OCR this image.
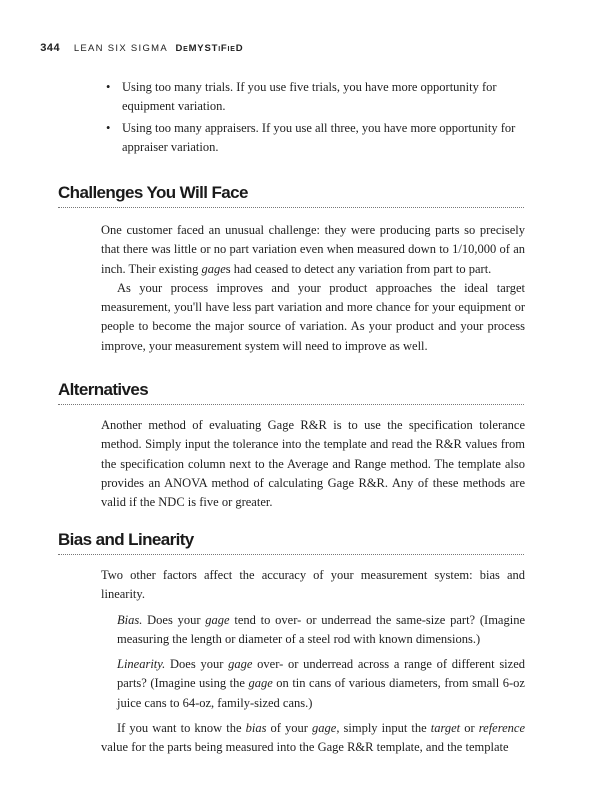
344 LEAN SIX SIGMA DeMYSTiFieD
• Using too many trials. If you use five trials, you have more opportunity for equipment variation.
• Using too many appraisers. If you use all three, you have more opportunity for appraiser variation.
Challenges You Will Face

One customer faced an unusual challenge: they were producing parts so precisely that there was little or no part variation even when measured down to 1/10,000 of an inch. Their existing gages had ceased to detect any variation from part to part.

As your process improves and your product approaches the ideal target measurement, you'll have less part variation and more chance for your equipment or people to become the major source of variation. As your product and your process improve, your measurement system will need to improve as well.

Alternatives

Another method of evaluating Gage R&R is to use the specification tolerance method. Simply input the tolerance into the template and read the R&R values from the specification column next to the Average and Range method. The template also provides an ANOVA method of calculating Gage R&R. Any of these methods are valid if the NDC is five or greater.

Bias and Linearity

Two other factors affect the accuracy of your measurement system: bias and linearity.

Bias. Does your gage tend to over- or underread the same-size part? (Imagine measuring the length or diameter of a steel rod with known dimensions.)

Linearity. Does your gage over- or underread across a range of different sized parts? (Imagine using the gage on tin cans of various diameters, from small 6-oz juice cans to 64-oz, family-sized cans.)

If you want to know the bias of your gage, simply input the target or reference value for the parts being measured into the Gage R&R template, and the template
